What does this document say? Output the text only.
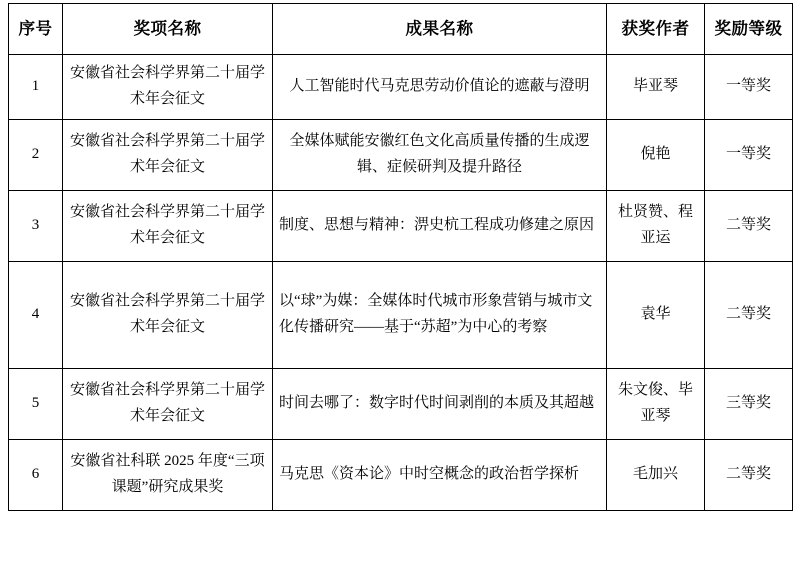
序号	奖项名称	成果名称	获奖作者	奖励等级
1	安徽省社会科学界第二十届学术年会征文	人工智能时代马克思劳动价值论的遮蔽与澄明	毕亚琴	一等奖
2	安徽省社会科学界第二十届学术年会征文	全媒体赋能安徽红色文化高质量传播的生成逻辑、症候研判及提升路径	倪艳	一等奖
3	安徽省社会科学界第二十届学术年会征文	制度、思想与精神：淠史杭工程成功修建之原因	杜贤赞、程亚运	二等奖
4	安徽省社会科学界第二十届学术年会征文	以“球”为媒：全媒体时代城市形象营销与城市文化传播研究——基于“苏超”为中心的考察	袁华	二等奖
5	安徽省社会科学界第二十届学术年会征文	时间去哪了：数字时代时间剥削的本质及其超越	朱文俊、毕亚琴	三等奖
6	安徽省社科联 2025 年度“三项课题”研究成果奖	马克思《资本论》中时空概念的政治哲学探析	毛加兴	二等奖
